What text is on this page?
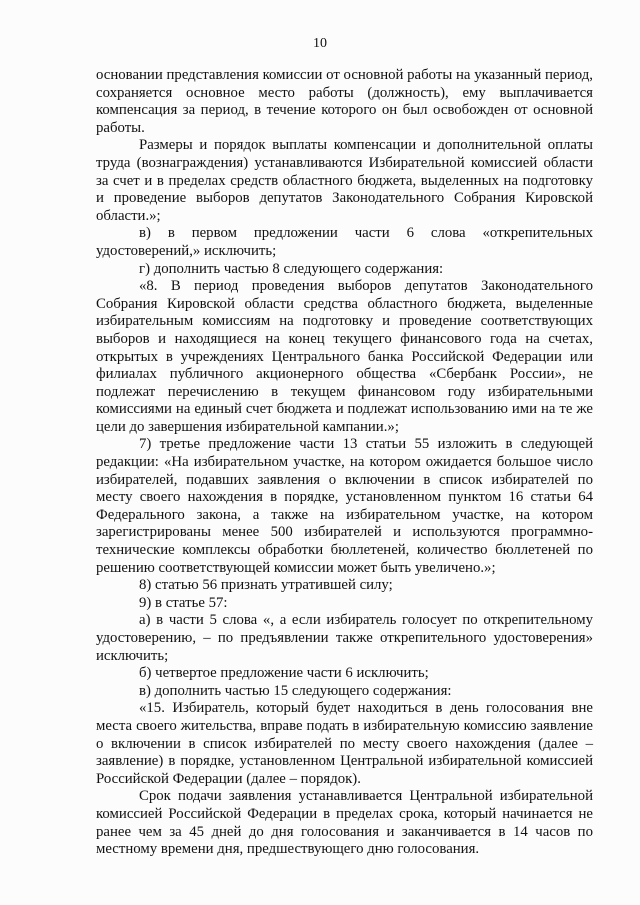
10

основании представления комиссии от основной работы на указанный период, сохраняется основное место работы (должность), ему выплачивается компенсация за период, в течение которого он был освобожден от основной работы.

Размеры и порядок выплаты компенсации и дополнительной оплаты труда (вознаграждения) устанавливаются Избирательной комиссией области за счет и в пределах средств областного бюджета, выделенных на подготовку и проведение выборов депутатов Законодательного Собрания Кировской области.»;

в) в первом предложении части 6 слова «открепительных удостоверений,» исключить;

г) дополнить частью 8 следующего содержания:

«8. В период проведения выборов депутатов Законодательного Собрания Кировской области средства областного бюджета, выделенные избирательным комиссиям на подготовку и проведение соответствующих выборов и находящиеся на конец текущего финансового года на счетах, открытых в учреждениях Центрального банка Российской Федерации или филиалах публичного акционерного общества «Сбербанк России», не подлежат перечислению в текущем финансовом году избирательными комиссиями на единый счет бюджета и подлежат использованию ими на те же цели до завершения избирательной кампании.»;

7) третье предложение части 13 статьи 55 изложить в следующей редакции: «На избирательном участке, на котором ожидается большое число избирателей, подавших заявления о включении в список избирателей по месту своего нахождения в порядке, установленном пунктом 16 статьи 64 Федерального закона, а также на избирательном участке, на котором зарегистрированы менее 500 избирателей и используются программно-технические комплексы обработки бюллетеней, количество бюллетеней по решению соответствующей комиссии может быть увеличено.»;

8) статью 56 признать утратившей силу;

9) в статье 57:

а) в части 5 слова «, а если избиратель голосует по открепительному удостоверению, – по предъявлении также открепительного удостоверения» исключить;

б) четвертое предложение части 6 исключить;

в) дополнить частью 15 следующего содержания:

«15. Избиратель, который будет находиться в день голосования вне места своего жительства, вправе подать в избирательную комиссию заявление о включении в список избирателей по месту своего нахождения (далее – заявление) в порядке, установленном Центральной избирательной комиссией Российской Федерации (далее – порядок).

Срок подачи заявления устанавливается Центральной избирательной комиссией Российской Федерации в пределах срока, который начинается не ранее чем за 45 дней до дня голосования и заканчивается в 14 часов по местному времени дня, предшествующего дню голосования.
